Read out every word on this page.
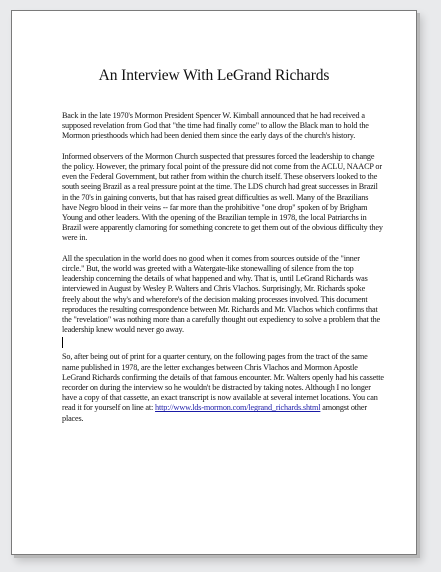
An Interview With LeGrand Richards

Back in the late 1970's Mormon President Spencer W. Kimball announced that he had received a supposed revelation from God that "the time had finally come" to allow the Black man to hold the Mormon priesthoods which had been denied them since the early days of the church's history.

Informed observers of the Mormon Church suspected that pressures forced the leadership to change the policy. However, the primary focal point of the pressure did not come from the ACLU, NAACP or even the Federal Government, but rather from within the church itself. These observers looked to the south seeing Brazil as a real pressure point at the time. The LDS church had great successes in Brazil in the 70's in gaining converts, but that has raised great difficulties as well. Many of the Brazilians have Negro blood in their veins -- far more than the prohibitive "one drop" spoken of by Brigham Young and other leaders. With the opening of the Brazilian temple in 1978, the local Patriarchs in Brazil were apparently clamoring for something concrete to get them out of the obvious difficulty they were in.

All the speculation in the world does no good when it comes from sources outside of the "inner circle." But, the world was greeted with a Watergate-like stonewalling of silence from the top leadership concerning the details of what happened and why. That is, until LeGrand Richards was interviewed in August by Wesley P. Walters and Chris Vlachos. Surprisingly, Mr. Richards spoke freely about the why's and wherefore's of the decision making processes involved. This document reproduces the resulting correspondence between Mr. Richards and Mr. Vlachos which confirms that the "revelation" was nothing more than a carefully thought out expediency to solve a problem that the leadership knew would never go away.

So, after being out of print for a quarter century, on the following pages from the tract of the same name published in 1978, are the letter exchanges between Chris Vlachos and Mormon Apostle LeGrand Richards confirming the details of that famous encounter. Mr. Walters openly had his cassette recorder on during the interview so he wouldn't be distracted by taking notes. Although I no longer have a copy of that cassette, an exact transcript is now available at several internet locations. You can read it for yourself on line at: http://www.lds-mormon.com/legrand_richards.shtml amongst other places.
